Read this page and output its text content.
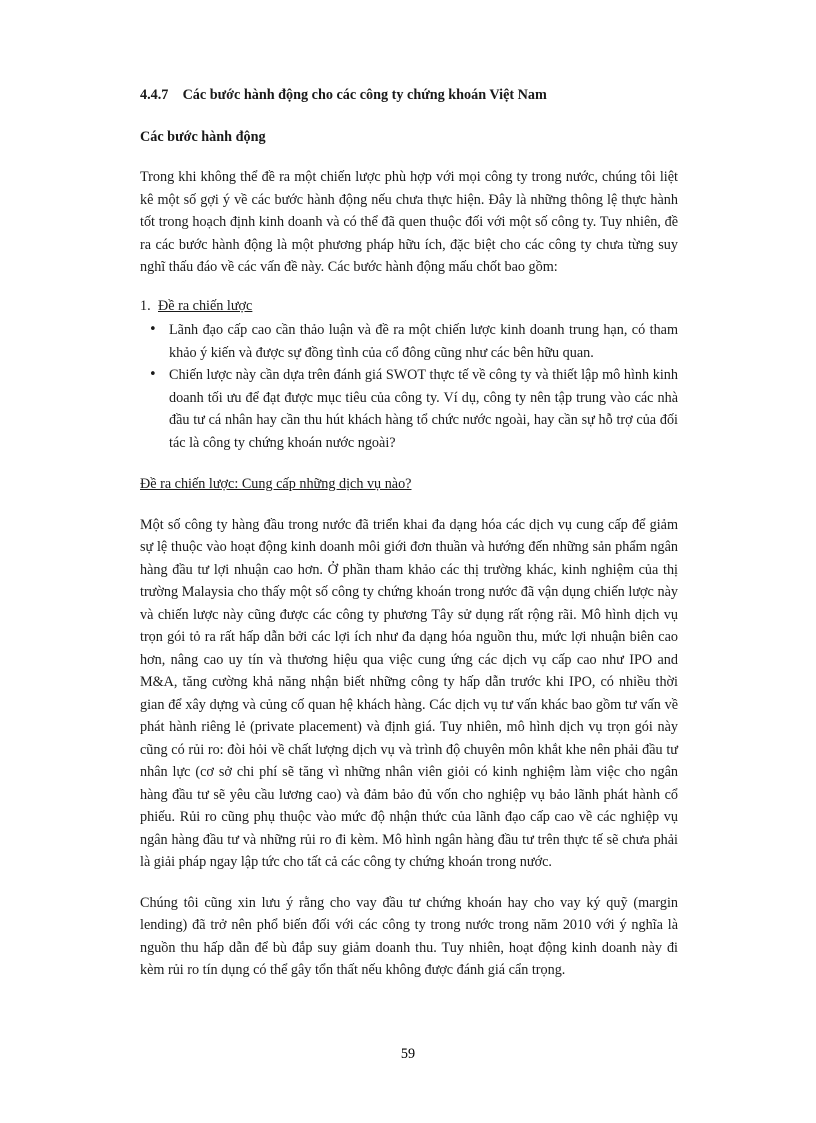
4.4.7    Các bước hành động cho các công ty chứng khoán Việt Nam
Các bước hành động

Trong khi không thể đề ra một chiến lược phù hợp với mọi công ty trong nước, chúng tôi liệt kê một số gợi ý về các bước hành động nếu chưa thực hiện. Đây là những thông lệ thực hành tốt trong hoạch định kinh doanh và có thể đã quen thuộc đối với một số công ty. Tuy nhiên, đề ra các bước hành động là một phương pháp hữu ích, đặc biệt cho các công ty chưa từng suy nghĩ thấu đáo về các vấn đề này. Các bước hành động mấu chốt bao gồm:

1. Đề ra chiến lược
• Lãnh đạo cấp cao cần thảo luận và đề ra một chiến lược kinh doanh trung hạn, có tham khảo ý kiến và được sự đồng tình của cổ đông cũng như các bên hữu quan.
• Chiến lược này cần dựa trên đánh giá SWOT thực tế về công ty và thiết lập mô hình kinh doanh tối ưu để đạt được mục tiêu của công ty. Ví dụ, công ty nên tập trung vào các nhà đầu tư cá nhân hay cần thu hút khách hàng tổ chức nước ngoài, hay cần sự hỗ trợ của đối tác là công ty chứng khoán nước ngoài?
Đề ra chiến lược: Cung cấp những dịch vụ nào?

Một số công ty hàng đầu trong nước đã triển khai đa dạng hóa các dịch vụ cung cấp để giảm sự lệ thuộc vào hoạt động kinh doanh môi giới đơn thuần và hướng đến những sản phẩm ngân hàng đầu tư lợi nhuận cao hơn. Ở phần tham khảo các thị trường khác, kinh nghiệm của thị trường Malaysia cho thấy một số công ty chứng khoán trong nước đã vận dụng chiến lược này và chiến lược này cũng được các công ty phương Tây sử dụng rất rộng rãi. Mô hình dịch vụ trọn gói tỏ ra rất hấp dẫn bởi các lợi ích như đa dạng hóa nguồn thu, mức lợi nhuận biên cao hơn, nâng cao uy tín và thương hiệu qua việc cung ứng các dịch vụ cấp cao như IPO and M&A, tăng cường khả năng nhận biết những công ty hấp dẫn trước khi IPO, có nhiều thời gian để xây dựng và củng cố quan hệ khách hàng. Các dịch vụ tư vấn khác bao gồm tư vấn về phát hành riêng lẻ (private placement) và định giá. Tuy nhiên, mô hình dịch vụ trọn gói này cũng có rủi ro: đòi hỏi về chất lượng dịch vụ và trình độ chuyên môn khắt khe nên phải đầu tư nhân lực (cơ sở chi phí sẽ tăng vì những nhân viên giỏi có kinh nghiệm làm việc cho ngân hàng đầu tư sẽ yêu cầu lương cao) và đảm bảo đủ vốn cho nghiệp vụ bảo lãnh phát hành cổ phiếu. Rủi ro cũng phụ thuộc vào mức độ nhận thức của lãnh đạo cấp cao về các nghiệp vụ ngân hàng đầu tư và những rủi ro đi kèm. Mô hình ngân hàng đầu tư trên thực tế sẽ chưa phải là giải pháp ngay lập tức cho tất cả các công ty chứng khoán trong nước.

Chúng tôi cũng xin lưu ý rằng cho vay đầu tư chứng khoán hay cho vay ký quỹ (margin lending) đã trở nên phổ biến đối với các công ty trong nước trong năm 2010 với ý nghĩa là nguồn thu hấp dẫn để bù đắp suy giảm doanh thu. Tuy nhiên, hoạt động kinh doanh này đi kèm rủi ro tín dụng có thể gây tổn thất nếu không được đánh giá cẩn trọng.

59
